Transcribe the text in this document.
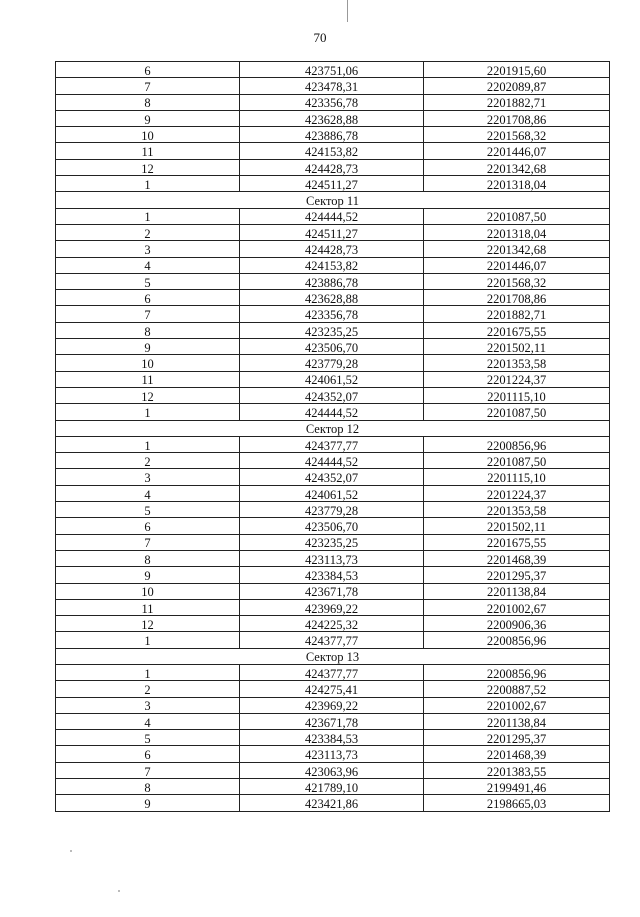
70
6	423751,06	2201915,60
7	423478,31	2202089,87
8	423356,78	2201882,71
9	423628,88	2201708,86
10	423886,78	2201568,32
11	424153,82	2201446,07
12	424428,73	2201342,68
1	424511,27	2201318,04
Сектор 11		
1	424444,52	2201087,50
2	424511,27	2201318,04
3	424428,73	2201342,68
4	424153,82	2201446,07
5	423886,78	2201568,32
6	423628,88	2201708,86
7	423356,78	2201882,71
8	423235,25	2201675,55
9	423506,70	2201502,11
10	423779,28	2201353,58
11	424061,52	2201224,37
12	424352,07	2201115,10
1	424444,52	2201087,50
Сектор 12		
1	424377,77	2200856,96
2	424444,52	2201087,50
3	424352,07	2201115,10
4	424061,52	2201224,37
5	423779,28	2201353,58
6	423506,70	2201502,11
7	423235,25	2201675,55
8	423113,73	2201468,39
9	423384,53	2201295,37
10	423671,78	2201138,84
11	423969,22	2201002,67
12	424225,32	2200906,36
1	424377,77	2200856,96
Сектор 13		
1	424377,77	2200856,96
2	424275,41	2200887,52
3	423969,22	2201002,67
4	423671,78	2201138,84
5	423384,53	2201295,37
6	423113,73	2201468,39
7	423063,96	2201383,55
8	421789,10	2199491,46
9	423421,86	2198665,03
